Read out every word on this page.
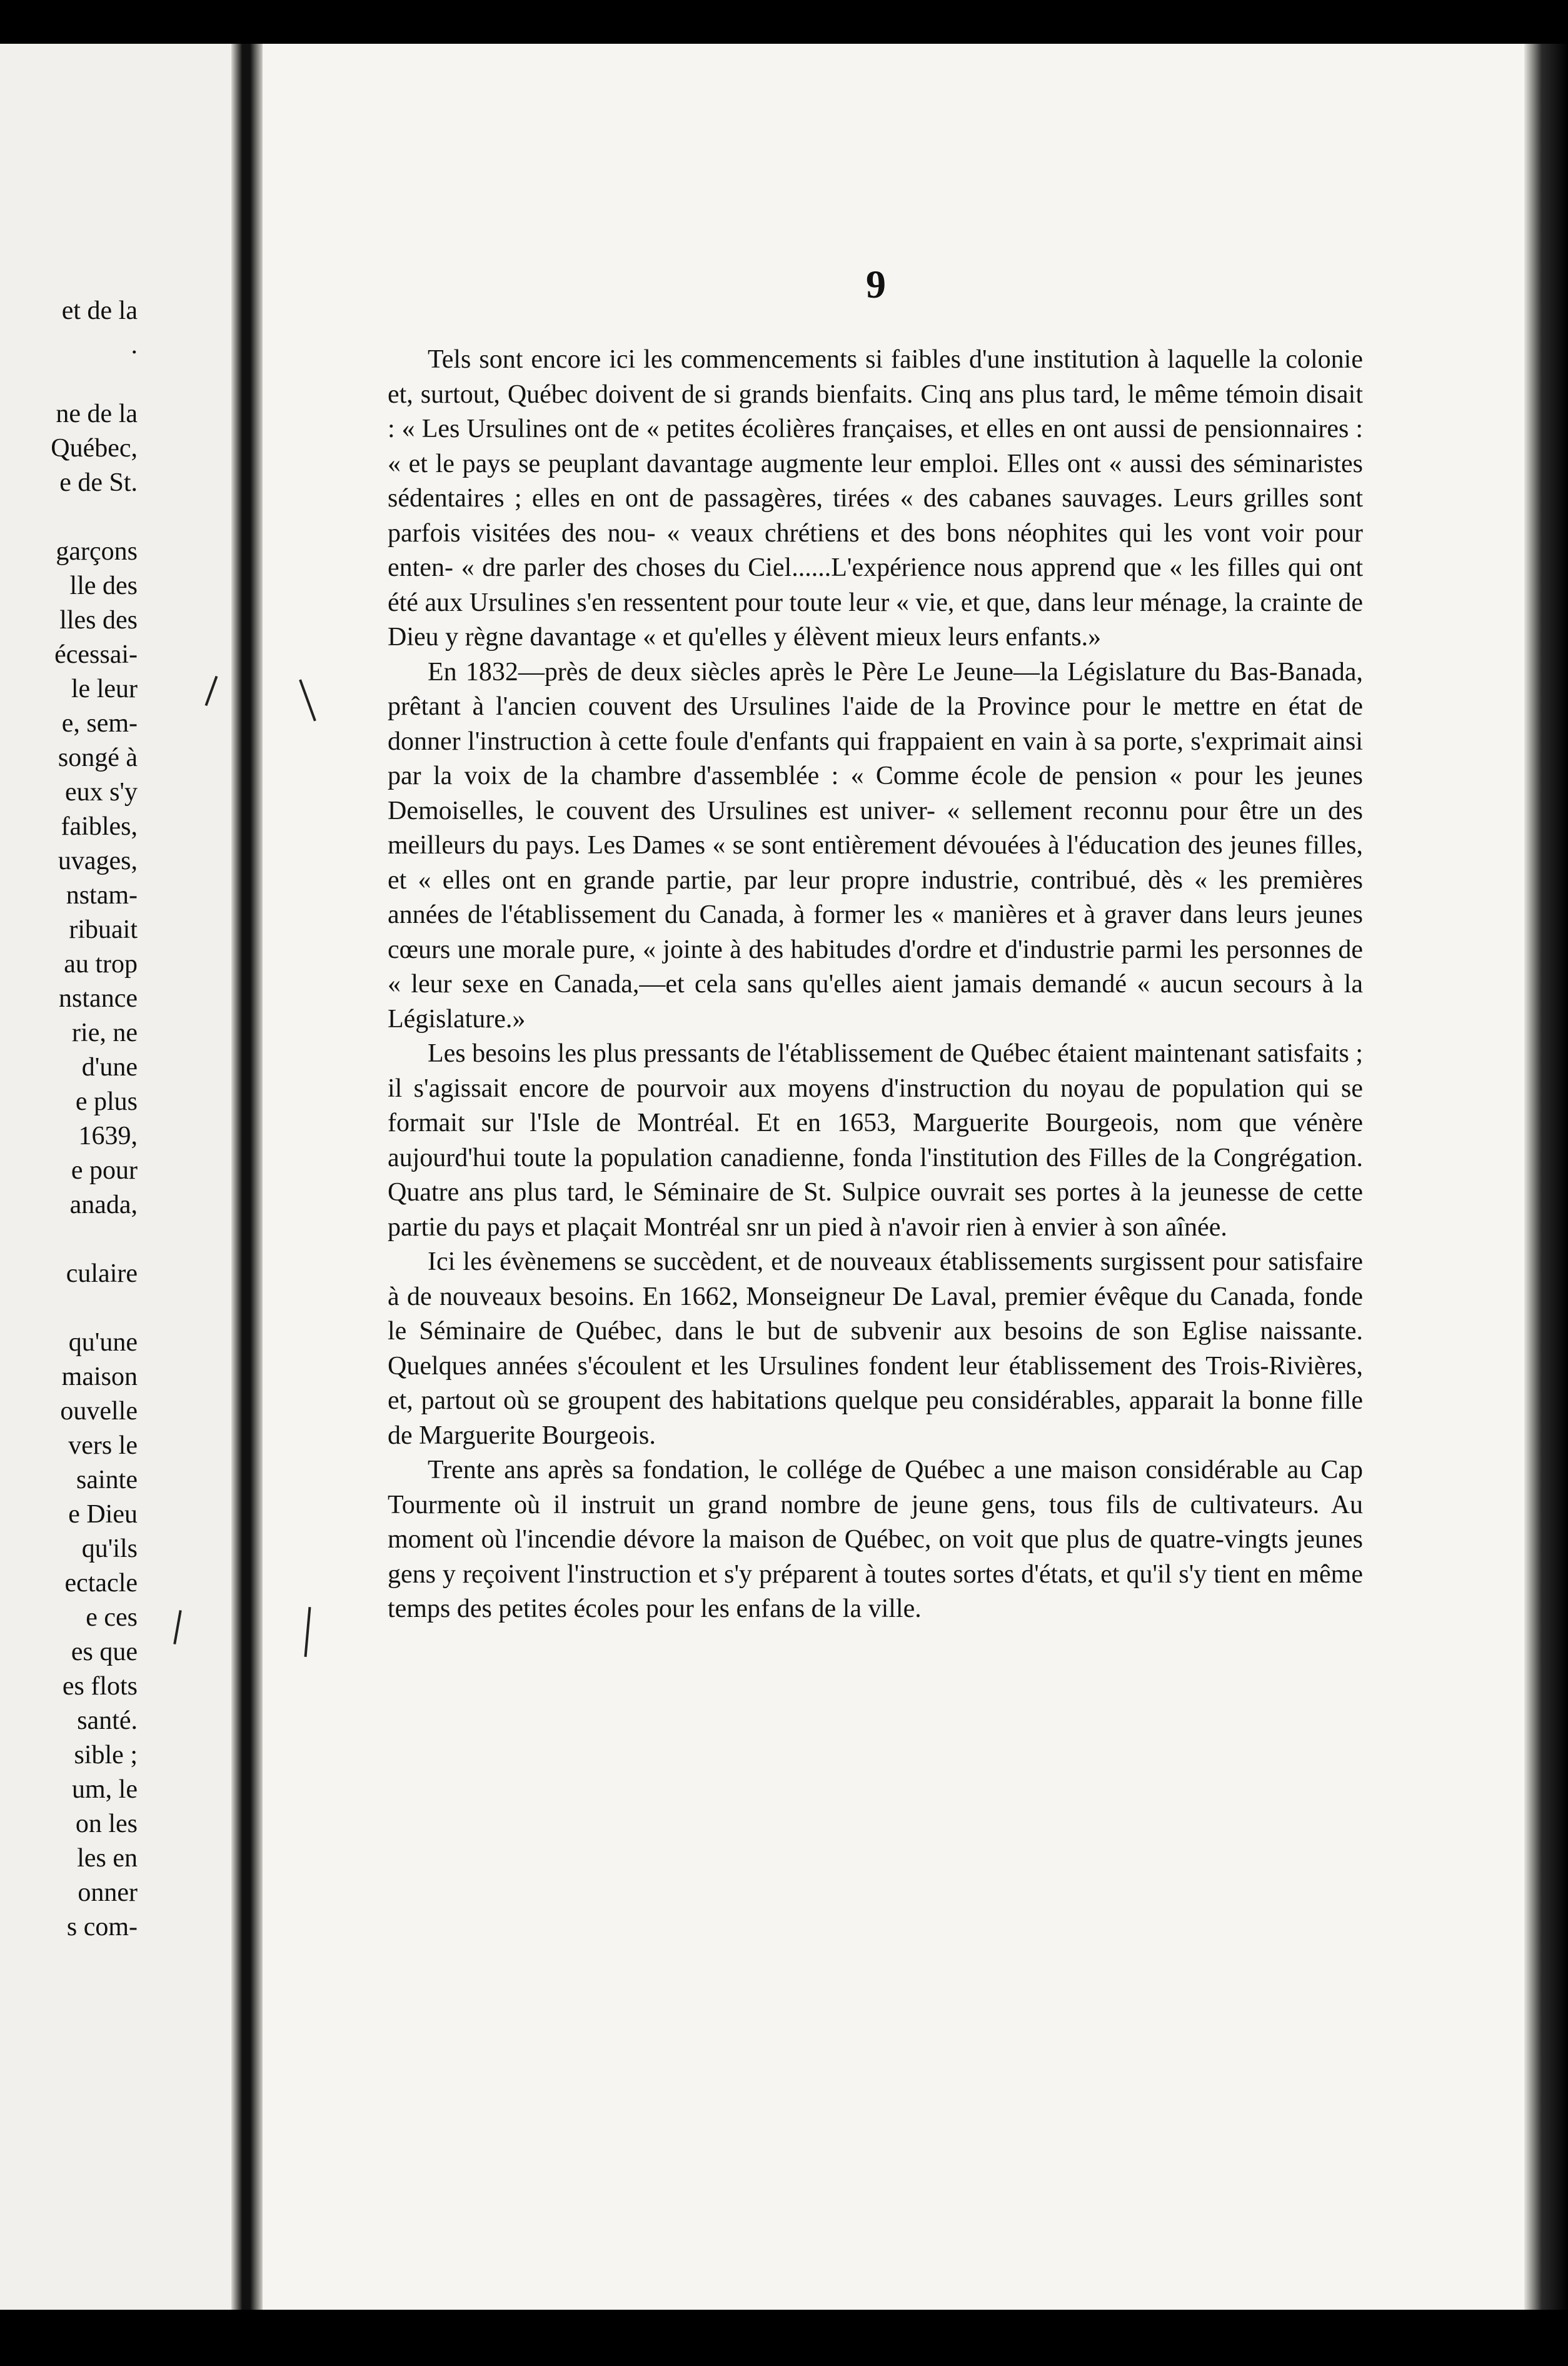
et de la
.
ne de la
Québec,
e de St.
garçons
lle des
lles des
écessai-
le leur
e, sem-
songé à
eux s'y
faibles,
uvages,
nstam-
ribuait
au trop
nstance
rie, ne
d'une
e plus
1639,
e pour
anada,
culaire
qu'une
maison
ouvelle
vers le
sainte
e Dieu
qu'ils
ectacle
e ces
es que
es flots
santé.
sible ;
um, le
on les
les en
onner
s com-
9

Tels sont encore ici les commencements si faibles d'une institution à laquelle la colonie et, surtout, Québec doivent de si grands bienfaits. Cinq ans plus tard, le même témoin disait : « Les Ursulines ont de « petites écolières françaises, et elles en ont aussi de pensionnaires : « et le pays se peuplant davantage augmente leur emploi. Elles ont « aussi des séminaristes sédentaires ; elles en ont de passagères, tirées « des cabanes sauvages. Leurs grilles sont parfois visitées des nou- « veaux chrétiens et des bons néophites qui les vont voir pour enten- « dre parler des choses du Ciel......L'expérience nous apprend que « les filles qui ont été aux Ursulines s'en ressentent pour toute leur « vie, et que, dans leur ménage, la crainte de Dieu y règne davantage « et qu'elles y élèvent mieux leurs enfants.»

En 1832—près de deux siècles après le Père Le Jeune—la Législature du Bas-Banada, prêtant à l'ancien couvent des Ursulines l'aide de la Province pour le mettre en état de donner l'instruction à cette foule d'enfants qui frappaient en vain à sa porte, s'exprimait ainsi par la voix de la chambre d'assemblée : « Comme école de pension « pour les jeunes Demoiselles, le couvent des Ursulines est univer- « sellement reconnu pour être un des meilleurs du pays. Les Dames « se sont entièrement dévouées à l'éducation des jeunes filles, et « elles ont en grande partie, par leur propre industrie, contribué, dès « les premières années de l'établissement du Canada, à former les « manières et à graver dans leurs jeunes cœurs une morale pure, « jointe à des habitudes d'ordre et d'industrie parmi les personnes de « leur sexe en Canada,—et cela sans qu'elles aient jamais demandé « aucun secours à la Législature.»

Les besoins les plus pressants de l'établissement de Québec étaient maintenant satisfaits ; il s'agissait encore de pourvoir aux moyens d'instruction du noyau de population qui se formait sur l'Isle de Montréal. Et en 1653, Marguerite Bourgeois, nom que vénère aujourd'hui toute la population canadienne, fonda l'institution des Filles de la Congrégation. Quatre ans plus tard, le Séminaire de St. Sulpice ouvrait ses portes à la jeunesse de cette partie du pays et plaçait Montréal snr un pied à n'avoir rien à envier à son aînée.

Ici les évènemens se succèdent, et de nouveaux établissements surgissent pour satisfaire à de nouveaux besoins. En 1662, Monseigneur De Laval, premier évêque du Canada, fonde le Séminaire de Québec, dans le but de subvenir aux besoins de son Eglise naissante. Quelques années s'écoulent et les Ursulines fondent leur établissement des Trois-Rivières, et, partout où se groupent des habitations quelque peu considérables, apparait la bonne fille de Marguerite Bourgeois.

Trente ans après sa fondation, le collége de Québec a une maison considérable au Cap Tourmente où il instruit un grand nombre de jeune gens, tous fils de cultivateurs. Au moment où l'incendie dévore la maison de Québec, on voit que plus de quatre-vingts jeunes gens y reçoivent l'instruction et s'y préparent à toutes sortes d'états, et qu'il s'y tient en même temps des petites écoles pour les enfans de la ville.
